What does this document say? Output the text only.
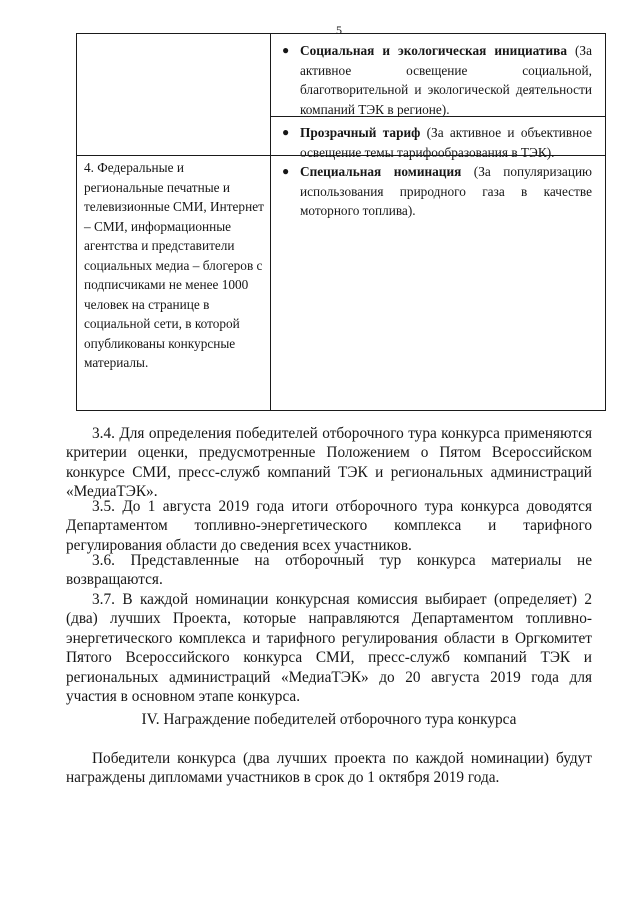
5
● Социальная и экологическая инициатива (За активное освещение социальной, благотворительной и экологической деятельности компаний ТЭК в регионе).
● Прозрачный тариф (За активное и объективное освещение темы тарифообразования в ТЭК).
4. Федеральные и региональные печатные и телевизионные СМИ, Интернет – СМИ, информационные агентства и представители социальных медиа – блогеров с подписчиками не менее 1000 человек на странице в социальной сети, в которой опубликованы конкурсные материалы.
● Специальная номинация (За популяризацию использования природного газа в качестве моторного топлива).
3.4. Для определения победителей отборочного тура конкурса применяются критерии оценки, предусмотренные Положением о Пятом Всероссийском конкурсе СМИ, пресс-служб компаний ТЭК и региональных администраций «МедиаТЭК».
3.5. До 1 августа 2019 года итоги отборочного тура конкурса доводятся Департаментом топливно-энергетического комплекса и тарифного регулирования области до сведения всех участников.
3.6. Представленные на отборочный тур конкурса материалы не возвращаются.
3.7. В каждой номинации конкурсная комиссия выбирает (определяет) 2 (два) лучших Проекта, которые направляются Департаментом топливно-энергетического комплекса и тарифного регулирования области в Оргкомитет Пятого Всероссийского конкурса СМИ, пресс-служб компаний ТЭК и региональных администраций «МедиаТЭК» до 20 августа 2019 года для участия в основном этапе конкурса.
IV. Награждение победителей отборочного тура конкурса
Победители конкурса (два лучших проекта по каждой номинации) будут награждены дипломами участников в срок до 1 октября 2019 года.
